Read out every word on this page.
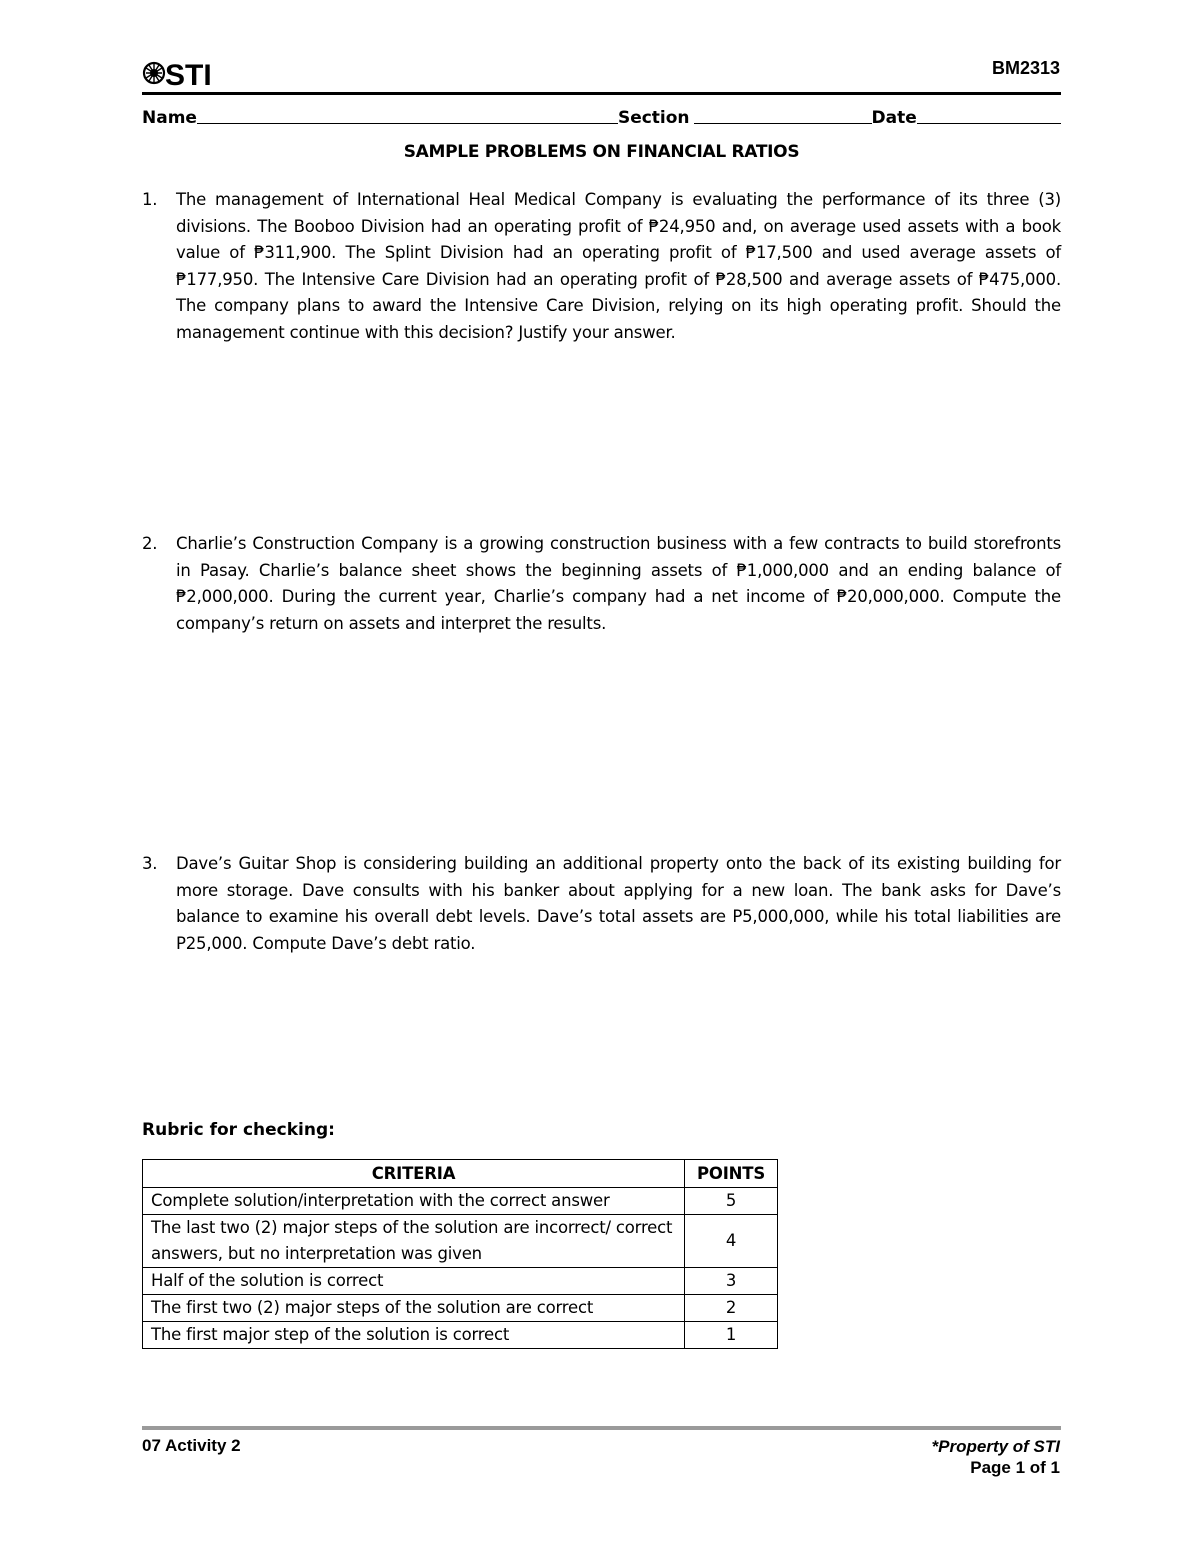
STI	BM2313
Name	Section	Date
SAMPLE PROBLEMS ON FINANCIAL RATIOS
1. The management of International Heal Medical Company is evaluating the performance of its three (3) divisions. The Booboo Division had an operating profit of ₱24,950 and, on average used assets with a book value of ₱311,900. The Splint Division had an operating profit of ₱17,500 and used average assets of ₱177,950. The Intensive Care Division had an operating profit of ₱28,500 and average assets of ₱475,000. The company plans to award the Intensive Care Division, relying on its high operating profit. Should the management continue with this decision? Justify your answer.
2. Charlie’s Construction Company is a growing construction business with a few contracts to build storefronts in Pasay. Charlie’s balance sheet shows the beginning assets of ₱1,000,000 and an ending balance of ₱2,000,000. During the current year, Charlie’s company had a net income of ₱20,000,000. Compute the company’s return on assets and interpret the results.
3. Dave’s Guitar Shop is considering building an additional property onto the back of its existing building for more storage. Dave consults with his banker about applying for a new loan. The bank asks for Dave’s balance to examine his overall debt levels. Dave’s total assets are P5,000,000, while his total liabilities are P25,000. Compute Dave’s debt ratio.
Rubric for checking:
CRITERIA	POINTS
Complete solution/interpretation with the correct answer	5
The last two (2) major steps of the solution are incorrect/ correct answers, but no interpretation was given	4
Half of the solution is correct	3
The first two (2) major steps of the solution are correct	2
The first major step of the solution is correct	1
07 Activity 2	*Property of STI
Page 1 of 1
